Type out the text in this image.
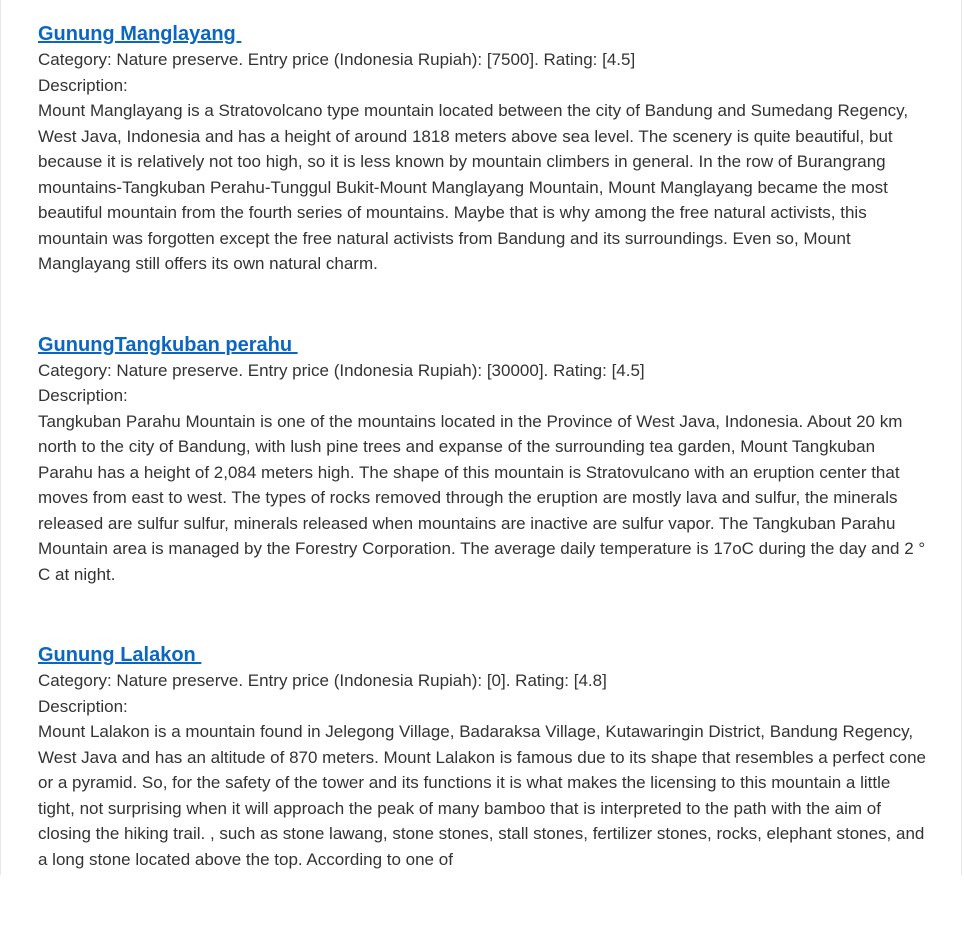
Gunung Manglayang
Category: Nature preserve. Entry price (Indonesia Rupiah): [7500]. Rating: [4.5]
Description:

Mount Manglayang is a Stratovolcano type mountain located between the city of Bandung and Sumedang Regency, West Java, Indonesia and has a height of around 1818 meters above sea level. The scenery is quite beautiful, but because it is relatively not too high, so it is less known by mountain climbers in general. In the row of Burangrang mountains-Tangkuban Perahu-Tunggul Bukit-Mount Manglayang Mountain, Mount Manglayang became the most beautiful mountain from the fourth series of mountains. Maybe that is why among the free natural activists, this mountain was forgotten except the free natural activists from Bandung and its surroundings. Even so, Mount Manglayang still offers its own natural charm.

GunungTangkuban perahu
Category: Nature preserve. Entry price (Indonesia Rupiah): [30000]. Rating: [4.5]
Description:

Tangkuban Parahu Mountain is one of the mountains located in the Province of West Java, Indonesia. About 20 km north to the city of Bandung, with lush pine trees and expanse of the surrounding tea garden, Mount Tangkuban Parahu has a height of 2,084 meters high. The shape of this mountain is Stratovulcano with an eruption center that moves from east to west. The types of rocks removed through the eruption are mostly lava and sulfur, the minerals released are sulfur sulfur, minerals released when mountains are inactive are sulfur vapor. The Tangkuban Parahu Mountain area is managed by the Forestry Corporation. The average daily temperature is 17oC during the day and 2 ° C at night.

Gunung Lalakon
Category: Nature preserve. Entry price (Indonesia Rupiah): [0]. Rating: [4.8]
Description:

Mount Lalakon is a mountain found in Jelegong Village, Badaraksa Village, Kutawaringin District, Bandung Regency, West Java and has an altitude of 870 meters. Mount Lalakon is famous due to its shape that resembles a perfect cone or a pyramid. So, for the safety of the tower and its functions it is what makes the licensing to this mountain a little tight, not surprising when it will approach the peak of many bamboo that is interpreted to the path with the aim of closing the hiking trail. , such as stone lawang, stone stones, stall stones, fertilizer stones, rocks, elephant stones, and a long stone located above the top. According to one of
